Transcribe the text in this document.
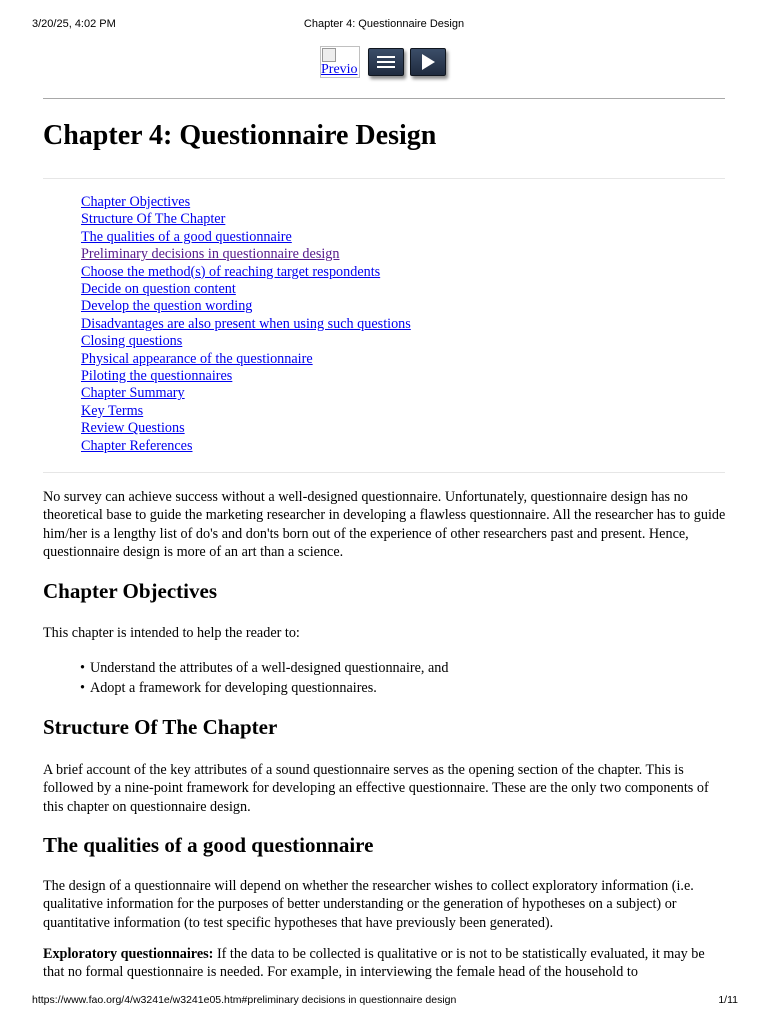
3/20/25, 4:02 PM	Chapter 4: Questionnaire Design
Previo
Chapter 4: Questionnaire Design
Chapter Objectives
Structure Of The Chapter
The qualities of a good questionnaire
Preliminary decisions in questionnaire design
Choose the method(s) of reaching target respondents
Decide on question content
Develop the question wording
Disadvantages are also present when using such questions
Closing questions
Physical appearance of the questionnaire
Piloting the questionnaires
Chapter Summary
Key Terms
Review Questions
Chapter References

No survey can achieve success without a well-designed questionnaire. Unfortunately, questionnaire design has no theoretical base to guide the marketing researcher in developing a flawless questionnaire. All the researcher has to guide him/her is a lengthy list of do's and don'ts born out of the experience of other researchers past and present. Hence, questionnaire design is more of an art than a science.

Chapter Objectives

This chapter is intended to help the reader to:

• Understand the attributes of a well-designed questionnaire, and
• Adopt a framework for developing questionnaires.
Structure Of The Chapter

A brief account of the key attributes of a sound questionnaire serves as the opening section of the chapter. This is followed by a nine-point framework for developing an effective questionnaire. These are the only two components of this chapter on questionnaire design.

The qualities of a good questionnaire

The design of a questionnaire will depend on whether the researcher wishes to collect exploratory information (i.e. qualitative information for the purposes of better understanding or the generation of hypotheses on a subject) or quantitative information (to test specific hypotheses that have previously been generated).

Exploratory questionnaires: If the data to be collected is qualitative or is not to be statistically evaluated, it may be that no formal questionnaire is needed. For example, in interviewing the female head of the household to

https://www.fao.org/4/w3241e/w3241e05.htm#preliminary decisions in questionnaire design	1/11
